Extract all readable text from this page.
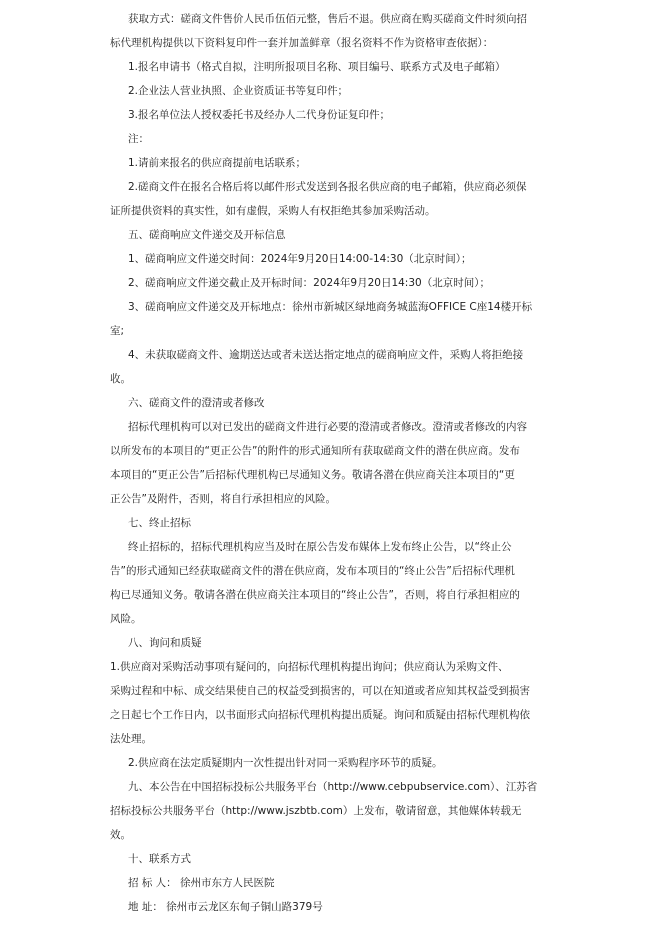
获取方式：磋商文件售价人民币伍佰元整，售后不退。供应商在购买磋商文件时须向招

标代理机构提供以下资料复印件一套并加盖鲜章（报名资料不作为资格审查依据）：

1.报名申请书（格式自拟，注明所报项目名称、项目编号、联系方式及电子邮箱）

2.企业法人营业执照、企业资质证书等复印件；

3.报名单位法人授权委托书及经办人二代身份证复印件；

注：

1.请前来报名的供应商提前电话联系；

2.磋商文件在报名合格后将以邮件形式发送到各报名供应商的电子邮箱，供应商必须保

证所提供资料的真实性，如有虚假，采购人有权拒绝其参加采购活动。

五、磋商响应文件递交及开标信息

1、磋商响应文件递交时间：2024年9月20日14:00-14:30（北京时间）；

2、磋商响应文件递交截止及开标时间：2024年9月20日14:30（北京时间）；

3、磋商响应文件递交及开标地点：徐州市新城区绿地商务城蓝海OFFICE C座14楼开标

室;

4、未获取磋商文件、逾期送达或者未送达指定地点的磋商响应文件，采购人将拒绝接

收。

六、磋商文件的澄清或者修改

招标代理机构可以对已发出的磋商文件进行必要的澄清或者修改。澄清或者修改的内容

以所发布的本项目的“更正公告”的附件的形式通知所有获取磋商文件的潜在供应商。发布

本项目的“更正公告”后招标代理机构已尽通知义务。敬请各潜在供应商关注本项目的“更

正公告”及附件，否则，将自行承担相应的风险。

七、终止招标

终止招标的，招标代理机构应当及时在原公告发布媒体上发布终止公告，以“终止公

告”的形式通知已经获取磋商文件的潜在供应商，发布本项目的“终止公告”后招标代理机

构已尽通知义务。敬请各潜在供应商关注本项目的“终止公告”，否则，将自行承担相应的

风险。

八、询问和质疑

1.供应商对采购活动事项有疑问的，向招标代理机构提出询问；供应商认为采购文件、

采购过程和中标、成交结果使自己的权益受到损害的，可以在知道或者应知其权益受到损害

之日起七个工作日内，以书面形式向招标代理机构提出质疑。询问和质疑由招标代理机构依

法处理。

2.供应商在法定质疑期内一次性提出针对同一采购程序环节的质疑。

九、本公告在中国招标投标公共服务平台（http://www.cebpubservice.com）、江苏省

招标投标公共服务平台（http://www.jszbtb.com）上发布，敬请留意，其他媒体转载无

效。

十、联系方式

招 标 人： 徐州市东方人民医院

地 址： 徐州市云龙区东甸子铜山路379号
